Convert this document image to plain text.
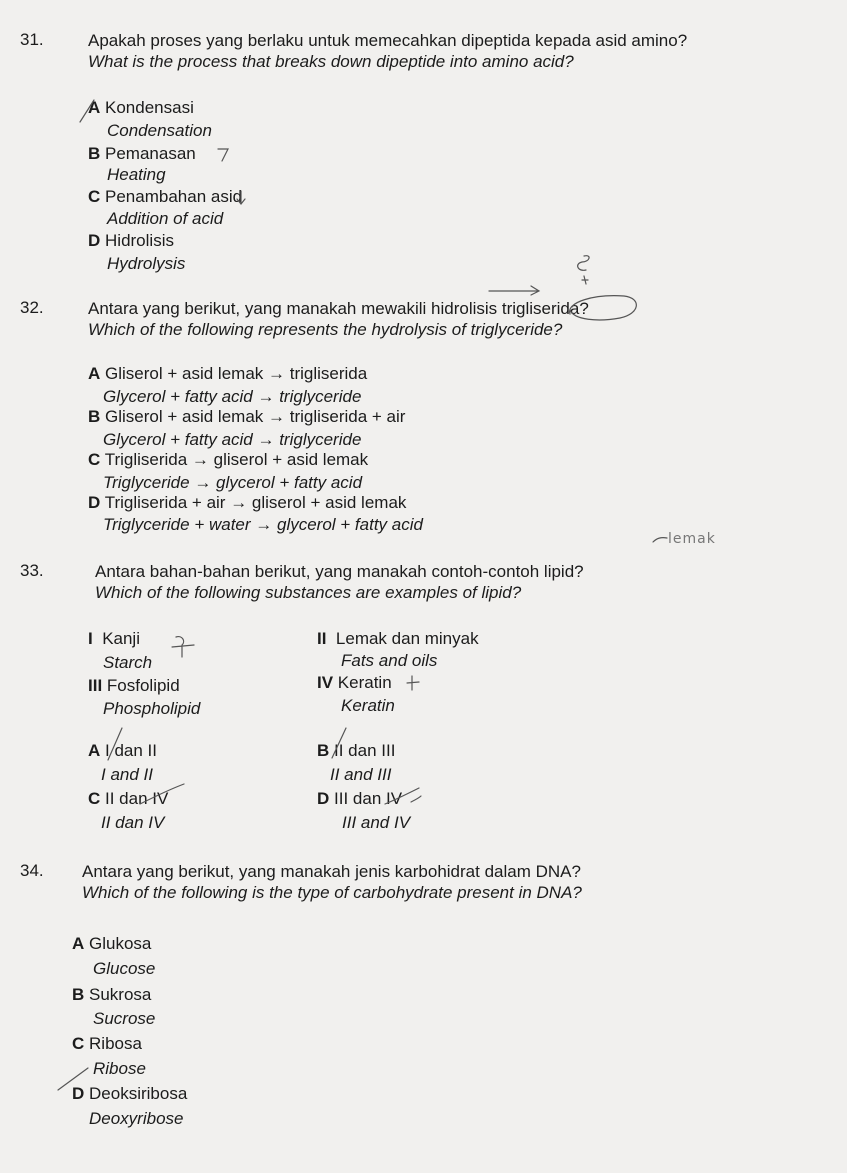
31.	Apakah proses yang berlaku untuk memecahkan dipeptida kepada asid amino?
What is the process that breaks down dipeptide into amino acid?
A Kondensasi
Condensation
B Pemanasan
Heating
C Penambahan asid
Addition of acid
D Hidrolisis
Hydrolysis
32.	Antara yang berikut, yang manakah mewakili hidrolisis trigliserida?
Which of the following represents the hydrolysis of triglyceride?
A Gliserol + asid lemak → trigliserida
Glycerol + fatty acid → triglyceride
B Gliserol + asid lemak → trigliserida + air
Glycerol + fatty acid → triglyceride
C Trigliserida → gliserol + asid lemak
Triglyceride → glycerol + fatty acid
D Trigliserida + air → gliserol + asid lemak
Triglyceride + water → glycerol + fatty acid
lemak
33.	Antara bahan-bahan berikut, yang manakah contoh-contoh lipid?
Which of the following substances are examples of lipid?
I Kanji
Starch
II Lemak dan minyak
Fats and oils
III Fosfolipid
Phospholipid
IV Keratin
Keratin
A I dan II
I and II
B II dan III
II and III
C II dan IV
II dan IV
D III dan IV
III and IV
34. Antara yang berikut, yang manakah jenis karbohidrat dalam DNA?
Which of the following is the type of carbohydrate present in DNA?
A Glukosa
Glucose
B Sukrosa
Sucrose
C Ribosa
Ribose
D Deoksiribosa
Deoxyribose
